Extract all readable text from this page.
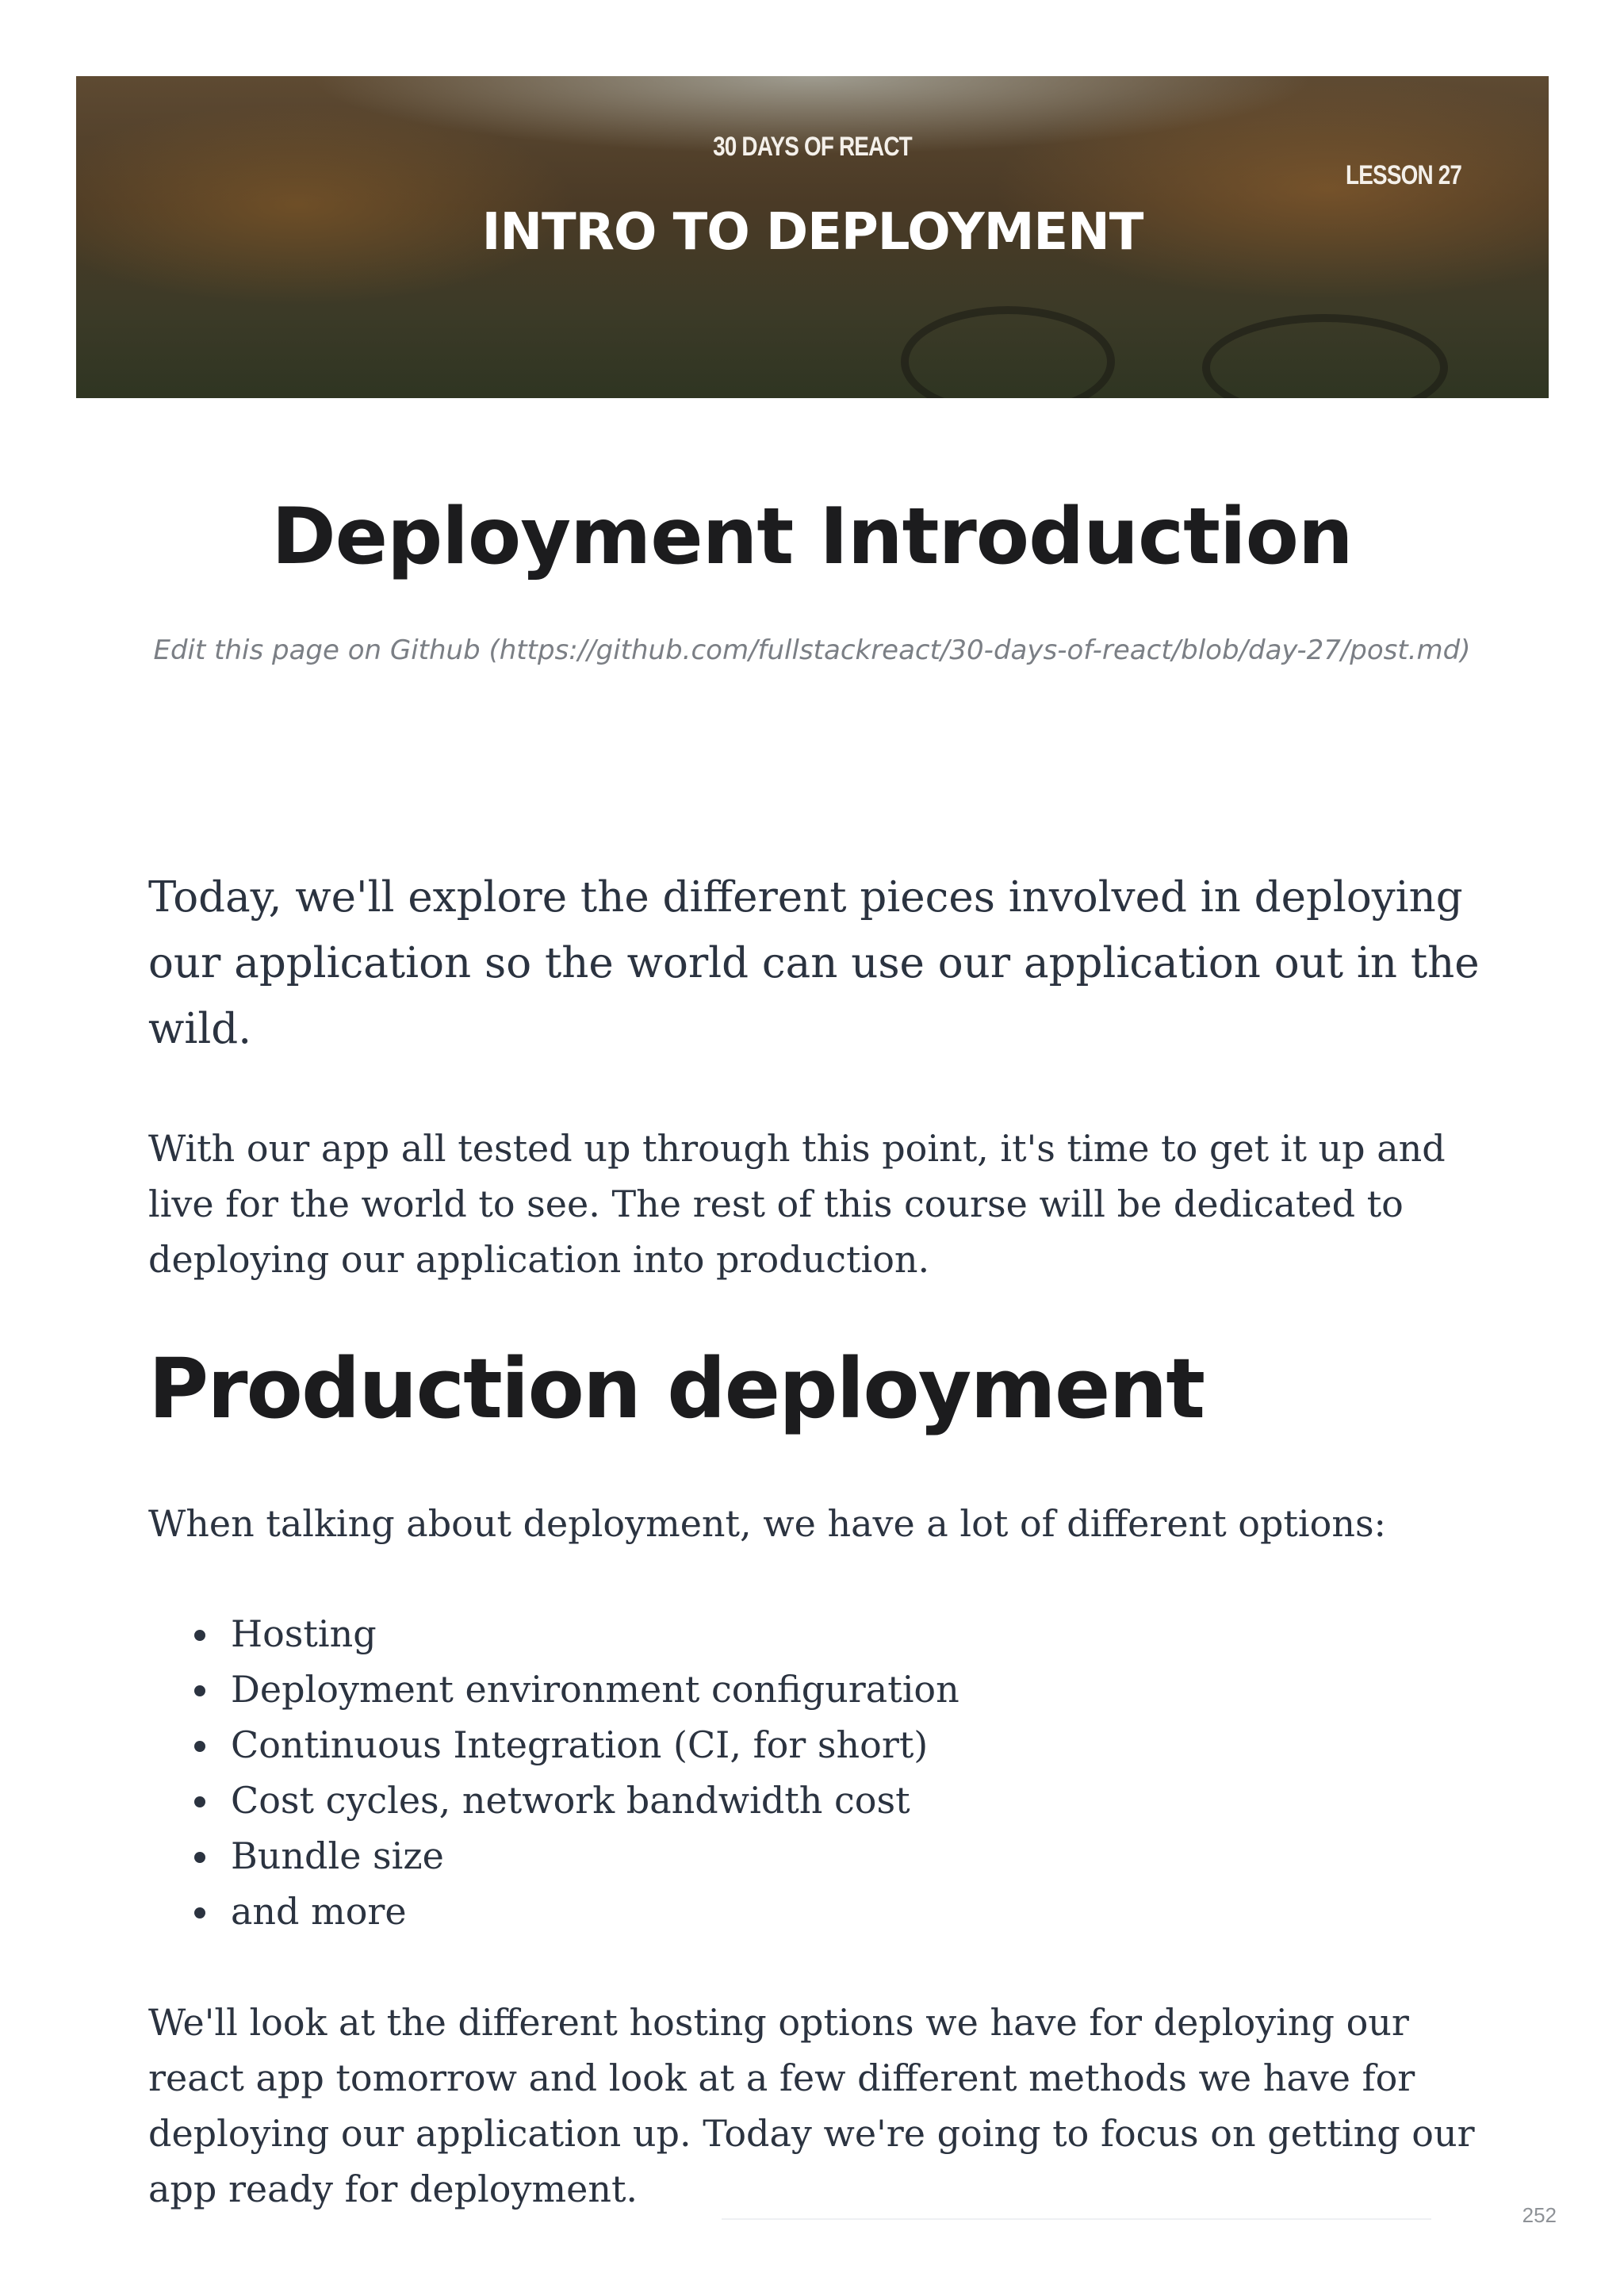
30 DAYS OF REACT
INTRO TO DEPLOYMENT
LESSON 27
Deployment Introduction
Edit this page on Github (https://github.com/fullstackreact/30-days-of-react/blob/day-27/post.md)

Today, we'll explore the different pieces involved in deploying our application so the world can use our application out in the wild.

With our app all tested up through this point, it's time to get it up and live for the world to see. The rest of this course will be dedicated to deploying our application into production.

Production deployment

When talking about deployment, we have a lot of different options:

Hosting
Deployment environment configuration
Continuous Integration (CI, for short)
Cost cycles, network bandwidth cost
Bundle size
and more

We'll look at the different hosting options we have for deploying our react app tomorrow and look at a few different methods we have for deploying our application up. Today we're going to focus on getting our app ready for deployment.

252
